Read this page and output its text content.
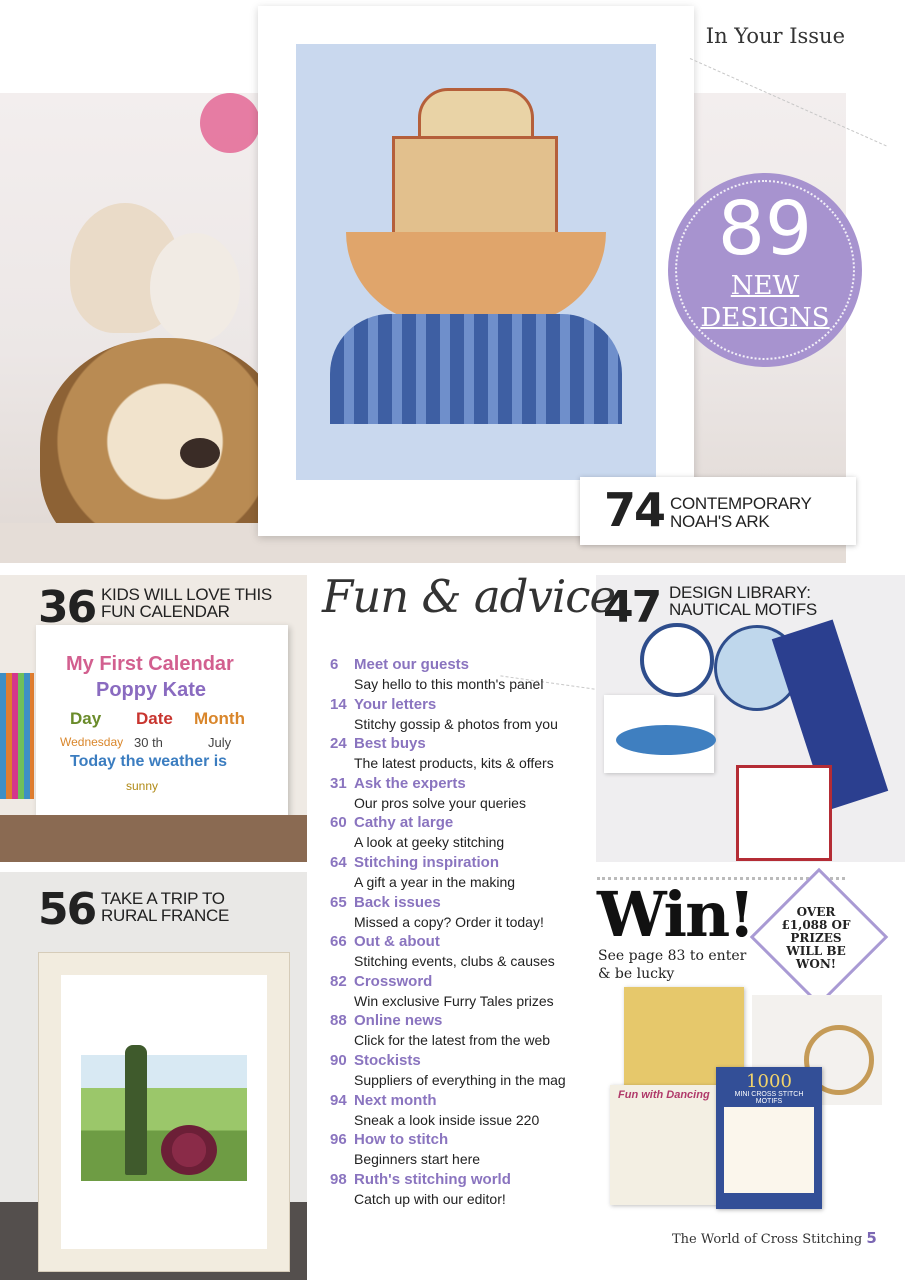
In Your Issue
89
NEW
DESIGNS
74 CONTEMPORARY
NOAH'S ARK
My First Calendar
Poppy Kate
Day Date Month
Wednesday 30 th	July
Today the weather is
sunny
36 KIDS WILL LOVE THIS
FUN CALENDAR
56 TAKE A TRIP TO
RURAL FRANCE
47 DESIGN LIBRARY:
NAUTICAL MOTIFS
Fun & advice
6 Meet our guests
Say hello to this month's panel
14 Your letters
Stitchy gossip & photos from you
24 Best buys
The latest products, kits & offers
31 Ask the experts
Our pros solve your queries
60 Cathy at large
A look at geeky stitching
64 Stitching inspiration
A gift a year in the making
65 Back issues
Missed a copy? Order it today!
66 Out & about
Stitching events, clubs & causes
82 Crossword
Win exclusive Furry Tales prizes
88 Online news
Click for the latest from the web
90 Stockists
Suppliers of everything in the mag
94 Next month
Sneak a look inside issue 220
96 How to stitch
Beginners start here
98 Ruth's stitching world
Catch up with our editor!
Win!
See page 83 to enter & be lucky
OVER
£1,088 OF
PRIZES
WILL BE
WON!
Fun with Dancing
1000
MINI CROSS STITCH MOTIFS
The World of Cross Stitching 5
